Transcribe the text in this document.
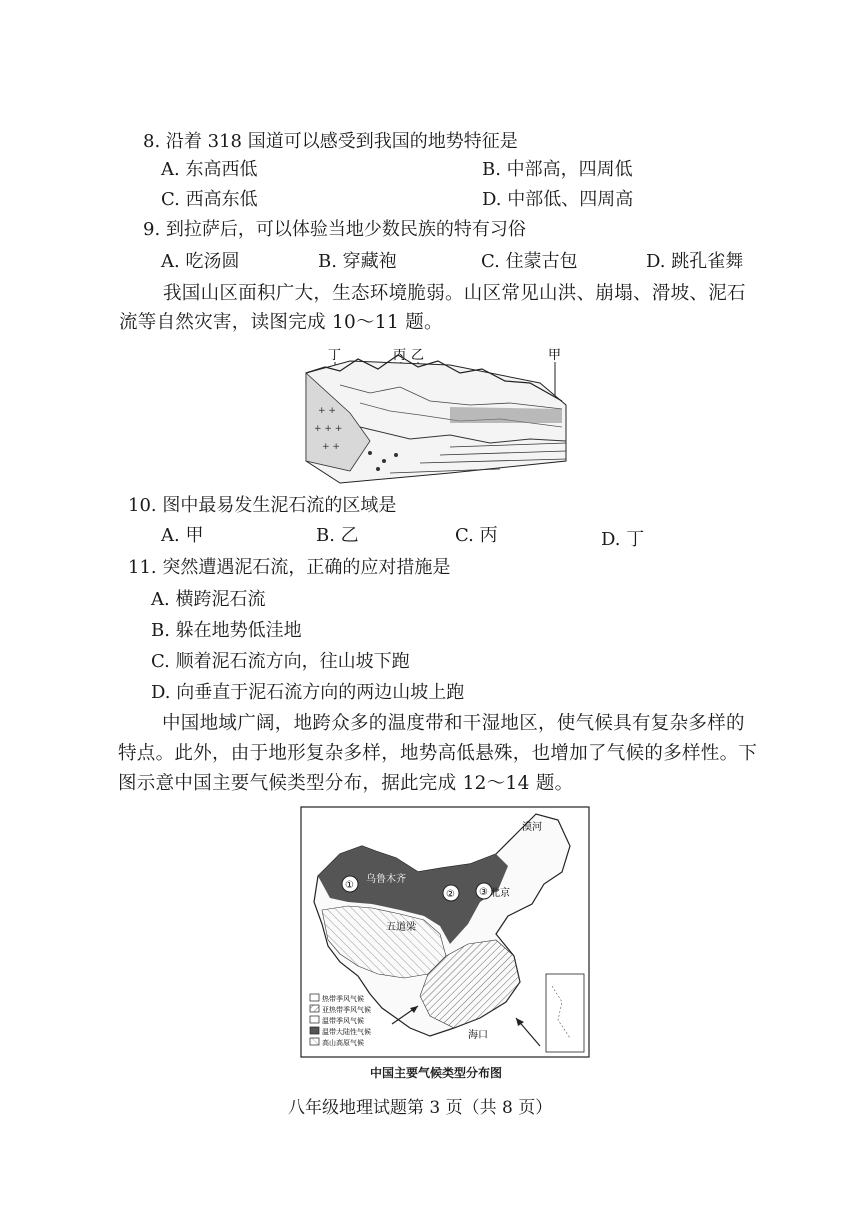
8. 沿着 318 国道可以感受到我国的地势特征是
A. 东高西低	B. 中部高，四周低
C. 西高东低	D. 中部低、四周高
9. 到拉萨后，可以体验当地少数民族的特有习俗
A. 吃汤圆	B. 穿藏袍	C. 住蒙古包	D. 跳孔雀舞
我国山区面积广大，生态环境脆弱。山区常见山洪、崩塌、滑坡、泥石
流等自然灾害，读图完成 10～11 题。
丁	丙 乙	甲
+ +
+ + +
+ +
10. 图中最易发生泥石流的区域是
A. 甲	B. 乙	C. 丙	D. 丁
11. 突然遭遇泥石流，正确的应对措施是
A. 横跨泥石流
B. 躲在地势低洼地
C. 顺着泥石流方向，往山坡下跑
D. 向垂直于泥石流方向的两边山坡上跑
中国地域广阔，地跨众多的温度带和干湿地区，使气候具有复杂多样的
特点。此外，由于地形复杂多样，地势高低悬殊，也增加了气候的多样性。下
图示意中国主要气候类型分布，据此完成 12～14 题。
①
② ③
漠河
乌鲁木齐
五道梁
北京
海口
热带季风气候
亚热带季风气候
温带季风气候
温带大陆性气候
高山高原气候
中国主要气候类型分布图
八年级地理试题第 3 页（共 8 页）
